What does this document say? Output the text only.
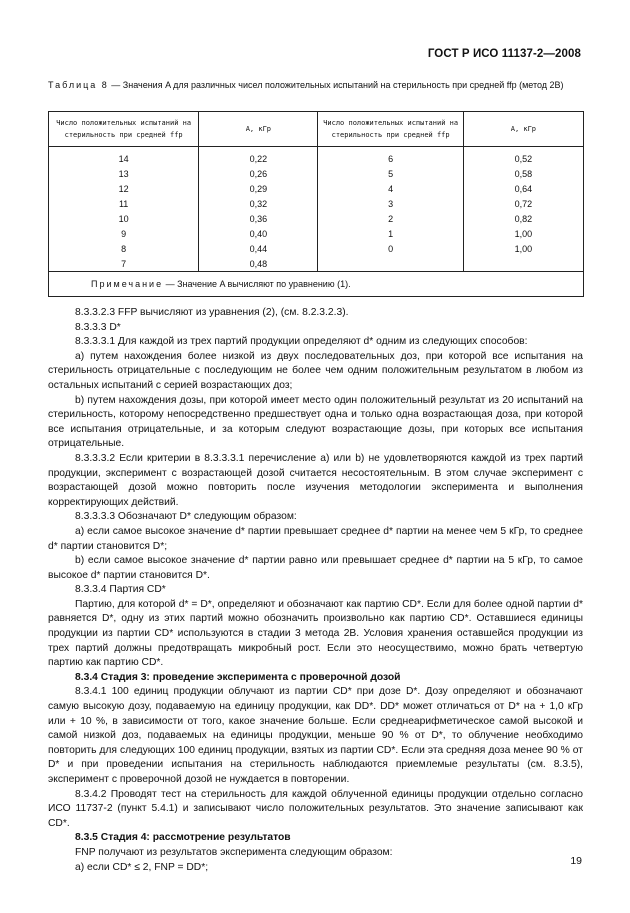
ГОСТ Р ИСО 11137-2—2008
Таблица 8 — Значения A для различных чисел положительных испытаний на стерильность при средней ffp (метод 2B)
Число положительных испытаний на стерильность при средней ffp	A, кГр	Число положительных испытаний на стерильность при средней ffp	A, кГр
14	0,22	6	0,52
13	0,26	5	0,58
12	0,29	4	0,64
11	0,32	3	0,72
10	0,36	2	0,82
9	0,40	1	1,00
8	0,44	0	1,00
7	0,48		
Примечание — Значение A вычисляют по уравнению (1).			

8.3.3.2.3 FFP вычисляют из уравнения (2), (см. 8.2.3.2.3).

8.3.3.3 D*

8.3.3.3.1 Для каждой из трех партий продукции определяют d* одним из следующих способов:

a) путем нахождения более низкой из двух последовательных доз, при которой все испытания на стерильность отрицательные с последующим не более чем одним положительным результатом в любом из остальных испытаний с серией возрастающих доз;

b) путем нахождения дозы, при которой имеет место один положительный результат из 20 испытаний на стерильность, которому непосредственно предшествует одна и только одна возрастающая доза, при которой все испытания отрицательные, и за которым следуют возрастающие дозы, при которых все испытания отрицательные.

8.3.3.3.2 Если критерии в 8.3.3.3.1 перечисление a) или b) не удовлетворяются каждой из трех партий продукции, эксперимент с возрастающей дозой считается несостоятельным. В этом случае эксперимент с возрастающей дозой можно повторить после изучения методологии эксперимента и выполнения корректирующих действий.

8.3.3.3.3 Обозначают D* следующим образом:

a) если самое высокое значение d* партии превышает среднее d* партии на менее чем 5 кГр, то среднее d* партии становится D*;

b) если самое высокое значение d* партии равно или превышает среднее d* партии на 5 кГр, то самое высокое d* партии становится D*.

8.3.3.4 Партия CD*

Партию, для которой d* = D*, определяют и обозначают как партию CD*. Если для более одной партии d* равняется D*, одну из этих партий можно обозначить произвольно как партию CD*. Оставшиеся единицы продукции из партии CD* используются в стадии 3 метода 2B. Условия хранения оставшейся продукции из трех партий должны предотвращать микробный рост. Если это неосуществимо, можно брать четвертую партию как партию CD*.

8.3.4 Стадия 3: проведение эксперимента с проверочной дозой

8.3.4.1 100 единиц продукции облучают из партии CD* при дозе D*. Дозу определяют и обозначают самую высокую дозу, подаваемую на единицу продукции, как DD*. DD* может отличаться от D* на + 1,0 кГр или + 10 %, в зависимости от того, какое значение больше. Если среднеарифметическое самой высокой и самой низкой доз, подаваемых на единицы продукции, меньше 90 % от D*, то облучение необходимо повторить для следующих 100 единиц продукции, взятых из партии CD*. Если эта средняя доза менее 90 % от D* и при проведении испытания на стерильность наблюдаются приемлемые результаты (см. 8.3.5), эксперимент с проверочной дозой не нуждается в повторении.

8.3.4.2 Проводят тест на стерильность для каждой облученной единицы продукции отдельно согласно ИСО 11737-2 (пункт 5.4.1) и записывают число положительных результатов. Это значение записывают как CD*.

8.3.5 Стадия 4: рассмотрение результатов

FNP получают из результатов эксперимента следующим образом:

a) если CD* ≤ 2, FNP = DD*;

19
